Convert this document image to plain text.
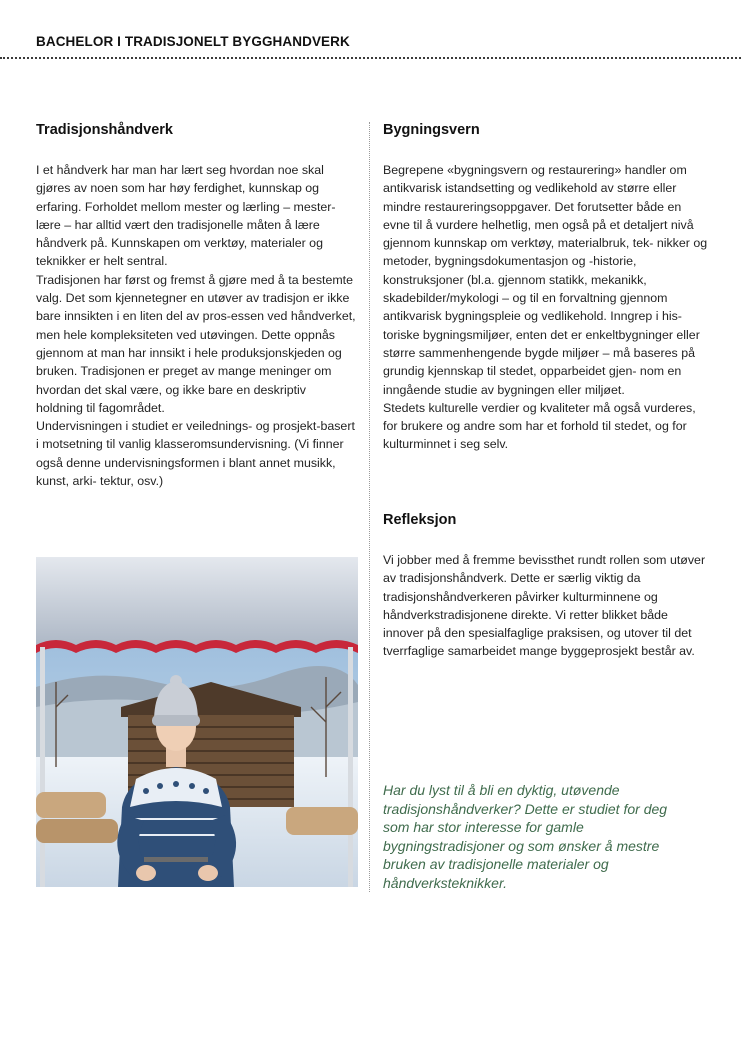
BACHELOR I TRADISJONELT BYGGHANDVERK
Tradisjonshåndverk

I et håndverk har man har lært seg hvordan noe skal gjøres av noen som har høy ferdighet, kunnskap og erfaring. Forholdet mellom mester og lærling – mester-lære – har alltid vært den tradisjonelle måten å lære håndverk på. Kunnskapen om verktøy, materialer og teknikker er helt sentral.

Tradisjonen har først og fremst å gjøre med å ta bestemte valg. Det som kjennetegner en utøver av tradisjon er ikke bare innsikten i en liten del av pros-essen ved håndverket, men hele kompleksiteten ved utøvingen. Dette oppnås gjennom at man har innsikt i hele produksjonskjeden og bruken. Tradisjonen er preget av mange meninger om hvordan det skal være, og ikke bare en deskriptiv holdning til fagområdet.

Undervisningen i studiet er veilednings- og prosjekt-basert i motsetning til vanlig klasseromsundervisning. (Vi finner også denne undervisningsformen i blant annet musikk, kunst, arki- tektur, osv.)

Bygningsvern

Begrepene «bygningsvern og restaurering» handler om antikvarisk istandsetting og vedlikehold av større eller mindre restaureringsoppgaver. Det forutsetter både en evne til å vurdere helhetlig, men også på et detaljert nivå gjennom kunnskap om verktøy, materialbruk, tek- nikker og metoder, bygningsdokumentasjon og -historie, konstruksjoner (bl.a. gjennom statikk, mekanikk, skadebilder/mykologi – og til en forvaltning gjennom antikvarisk bygningspleie og vedlikehold. Inngrep i his- toriske bygningsmiljøer, enten det er enkeltbygninger eller større sammenhengende bygde miljøer – må baseres på grundig kjennskap til stedet, opparbeidet gjen- nom en inngående studie av bygningen eller miljøet.

Stedets kulturelle verdier og kvaliteter må også vurderes, for brukere og andre som har et forhold til stedet, og for kulturminnet i seg selv.

Refleksjon

Vi jobber med å fremme bevissthet rundt rollen som utøver av tradisjonshåndverk. Dette er særlig viktig da tradisjonshåndverkeren påvirker kulturminnene og håndverkstradisjonene direkte. Vi retter blikket både innover på den spesialfaglige praksisen, og utover til det tverrfaglige samarbeidet mange byggeprosjekt består av.

Har du lyst til å bli en dyktig, utøvende tradisjonshåndverker? Dette er studiet for deg som har stor interesse for gamle bygningstradisjoner og som ønsker å mestre bruken av tradisjonelle materialer og håndverksteknikker.
